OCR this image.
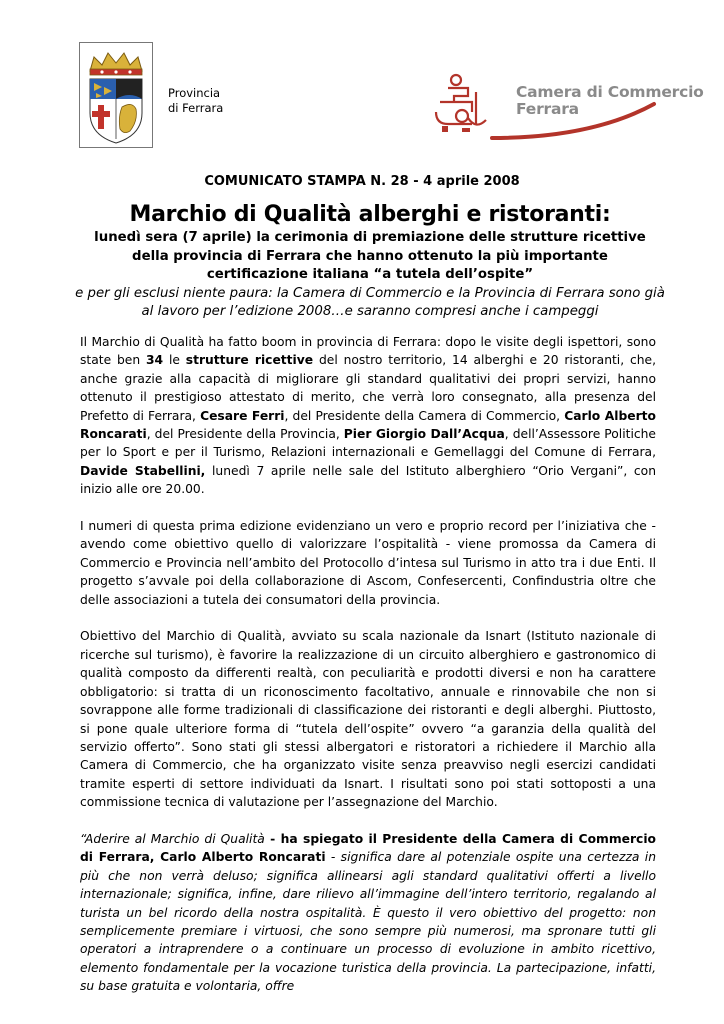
Provincia
di Ferrara
Camera di Commercio
Ferrara
COMUNICATO STAMPA N. 28 - 4 aprile 2008
Marchio di Qualità alberghi e ristoranti:
lunedì sera (7 aprile) la cerimonia di premiazione delle strutture ricettive
della provincia di Ferrara che hanno ottenuto la più importante
certificazione italiana “a tutela dell’ospite”
e per gli esclusi niente paura: la Camera di Commercio e la Provincia di Ferrara sono già
al lavoro per l’edizione 2008…e saranno compresi anche i campeggi

Il Marchio di Qualità ha fatto boom in provincia di Ferrara: dopo le visite degli ispettori, sono state ben 34 le strutture ricettive del nostro territorio, 14 alberghi e 20 ristoranti, che, anche grazie alla capacità di migliorare gli standard qualitativi dei propri servizi, hanno ottenuto il prestigioso attestato di merito, che verrà loro consegnato, alla presenza del Prefetto di Ferrara, Cesare Ferri, del Presidente della Camera di Commercio, Carlo Alberto Roncarati, del Presidente della Provincia, Pier Giorgio Dall’Acqua, dell’Assessore Politiche per lo Sport e per il Turismo, Relazioni internazionali e Gemellaggi del Comune di Ferrara, Davide Stabellini, lunedì 7 aprile nelle sale del Istituto alberghiero “Orio Vergani”, con inizio alle ore 20.00.

I numeri di questa prima edizione evidenziano un vero e proprio record per l’iniziativa che - avendo come obiettivo quello di valorizzare l’ospitalità - viene promossa da Camera di Commercio e Provincia nell’ambito del Protocollo d’intesa sul Turismo in atto tra i due Enti. Il progetto s’avvale poi della collaborazione di Ascom, Confesercenti, Confindustria oltre che delle associazioni a tutela dei consumatori della provincia.

Obiettivo del Marchio di Qualità, avviato su scala nazionale da Isnart (Istituto nazionale di ricerche sul turismo), è favorire la realizzazione di un circuito alberghiero e gastronomico di qualità composto da differenti realtà, con peculiarità e prodotti diversi e non ha carattere obbligatorio: si tratta di un riconoscimento facoltativo, annuale e rinnovabile che non si sovrappone alle forme tradizionali di classificazione dei ristoranti e degli alberghi. Piuttosto, si pone quale ulteriore forma di “tutela dell’ospite” ovvero “a garanzia della qualità del servizio offerto”. Sono stati gli stessi albergatori e ristoratori a richiedere il Marchio alla Camera di Commercio, che ha organizzato visite senza preavviso negli esercizi candidati tramite esperti di settore individuati da Isnart. I risultati sono poi stati sottoposti a una commissione tecnica di valutazione per l’assegnazione del Marchio.

“Aderire al Marchio di Qualità - ha spiegato il Presidente della Camera di Commercio di Ferrara, Carlo Alberto Roncarati - significa dare al potenziale ospite una certezza in più che non verrà deluso; significa allinearsi agli standard qualitativi offerti a livello internazionale; significa, infine, dare rilievo all’immagine dell’intero territorio, regalando al turista un bel ricordo della nostra ospitalità. È questo il vero obiettivo del progetto: non semplicemente premiare i virtuosi, che sono sempre più numerosi, ma spronare tutti gli operatori a intraprendere o a continuare un processo di evoluzione in ambito ricettivo, elemento fondamentale per la vocazione turistica della provincia. La partecipazione, infatti, su base gratuita e volontaria, offre
